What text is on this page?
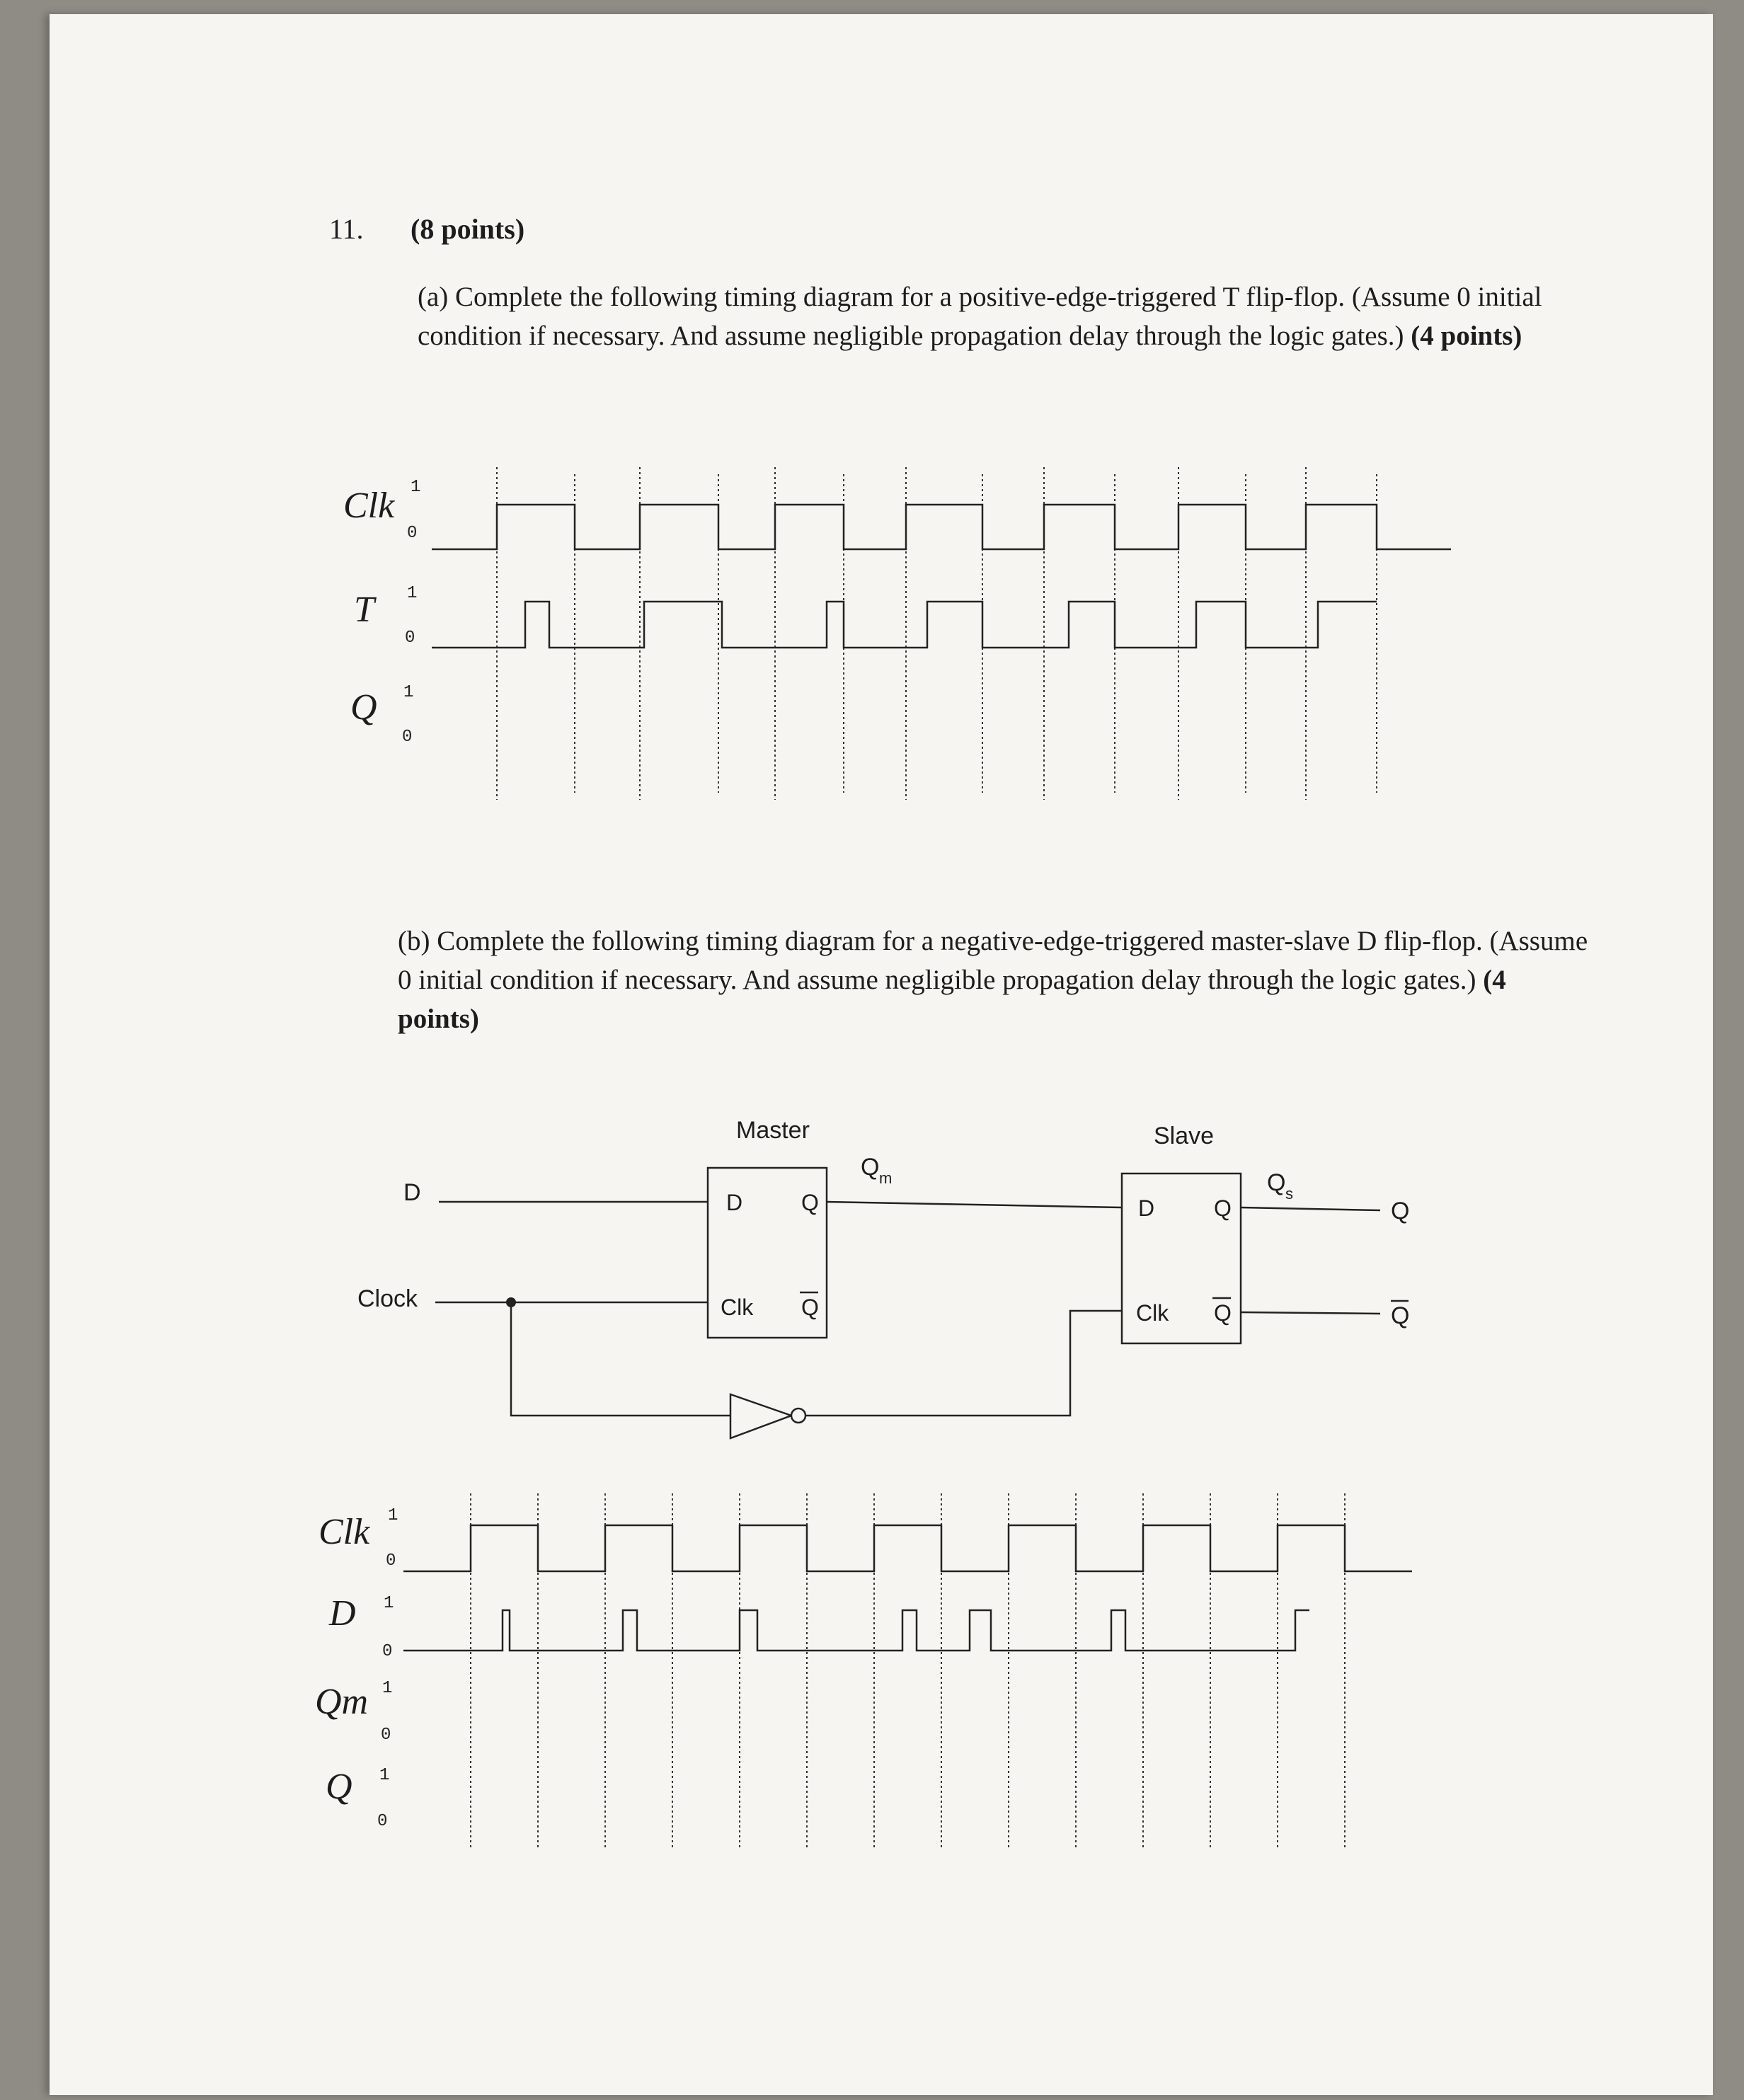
11. (8 points)
(a) Complete the following timing diagram for a positive-edge-triggered T flip-flop. (Assume 0 initial condition if necessary. And assume negligible propagation delay through the logic gates.) (4 points)
Clk 1
0
T 1
0
Q 1
0
(b) Complete the following timing diagram for a negative-edge-triggered master-slave D flip-flop. (Assume 0 initial condition if necessary. And assume negligible propagation delay through the logic gates.) (4 points)
Master	Slave
D
Clock
D	Q
Clk Q
D	Q
Clk Q
Q m	Q s
Q
Q
Clk 1
0
D 1
0
Qm 1
0
Q 1
0
